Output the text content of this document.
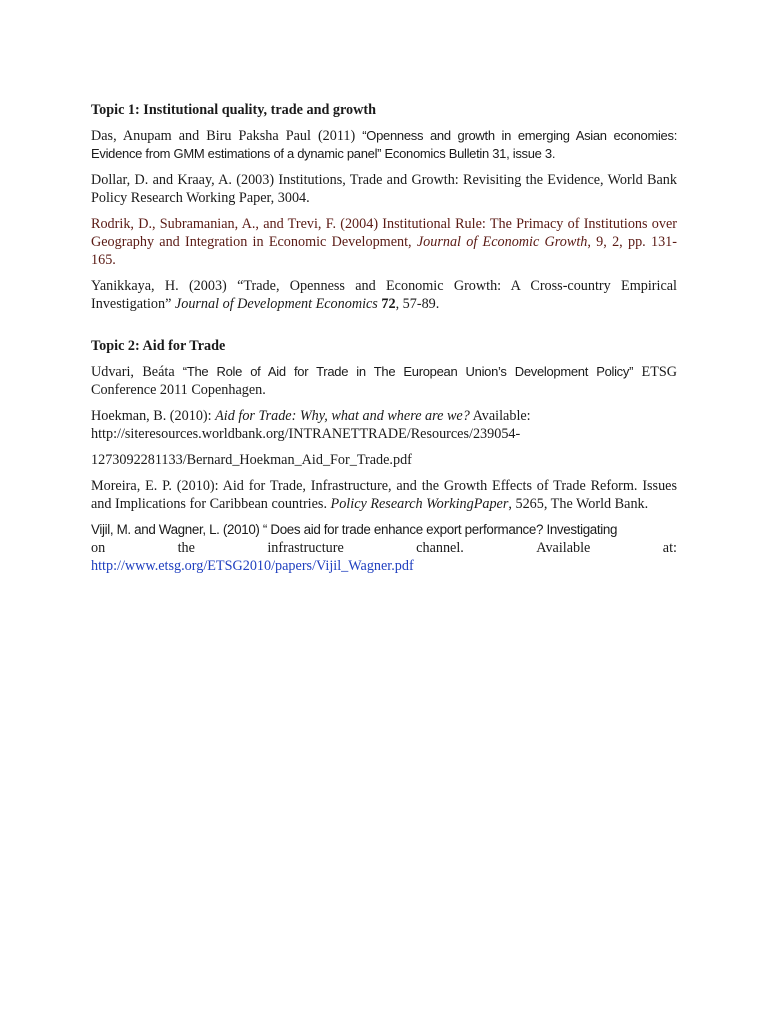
Topic 1: Institutional quality, trade and growth

Das, Anupam and Biru Paksha Paul (2011) “Openness and growth in emerging Asian economies: Evidence from GMM estimations of a dynamic panel” Economics Bulletin 31, issue 3.

Dollar, D. and Kraay, A. (2003) Institutions, Trade and Growth: Revisiting the Evidence, World Bank Policy Research Working Paper, 3004.

Rodrik, D., Subramanian, A., and Trevi, F. (2004) Institutional Rule: The Primacy of Institutions over Geography and Integration in Economic Development, Journal of Economic Growth, 9, 2, pp. 131-165.

Yanikkaya, H. (2003) “Trade, Openness and Economic Growth: A Cross-country Empirical Investigation” Journal of Development Economics 72, 57-89.

Topic 2: Aid for Trade

Udvari, Beáta “The Role of Aid for Trade in The European Union’s Development Policy” ETSG Conference 2011 Copenhagen.

Hoekman, B. (2010): Aid for Trade: Why, what and where are we? Available:
http://siteresources.worldbank.org/INTRANETTRADE/Resources/239054-

1273092281133/Bernard_Hoekman_Aid_For_Trade.pdf

Moreira, E. P. (2010): Aid for Trade, Infrastructure, and the Growth Effects of Trade Reform. Issues and Implications for Caribbean countries. Policy Research WorkingPaper, 5265, The World Bank.

Vijil, M. and Wagner, L. (2010) “ Does aid for trade enhance export performance? Investigating
on	the	infrastructure	channel.	Available	at:
http://www.etsg.org/ETSG2010/papers/Vijil_Wagner.pdf
